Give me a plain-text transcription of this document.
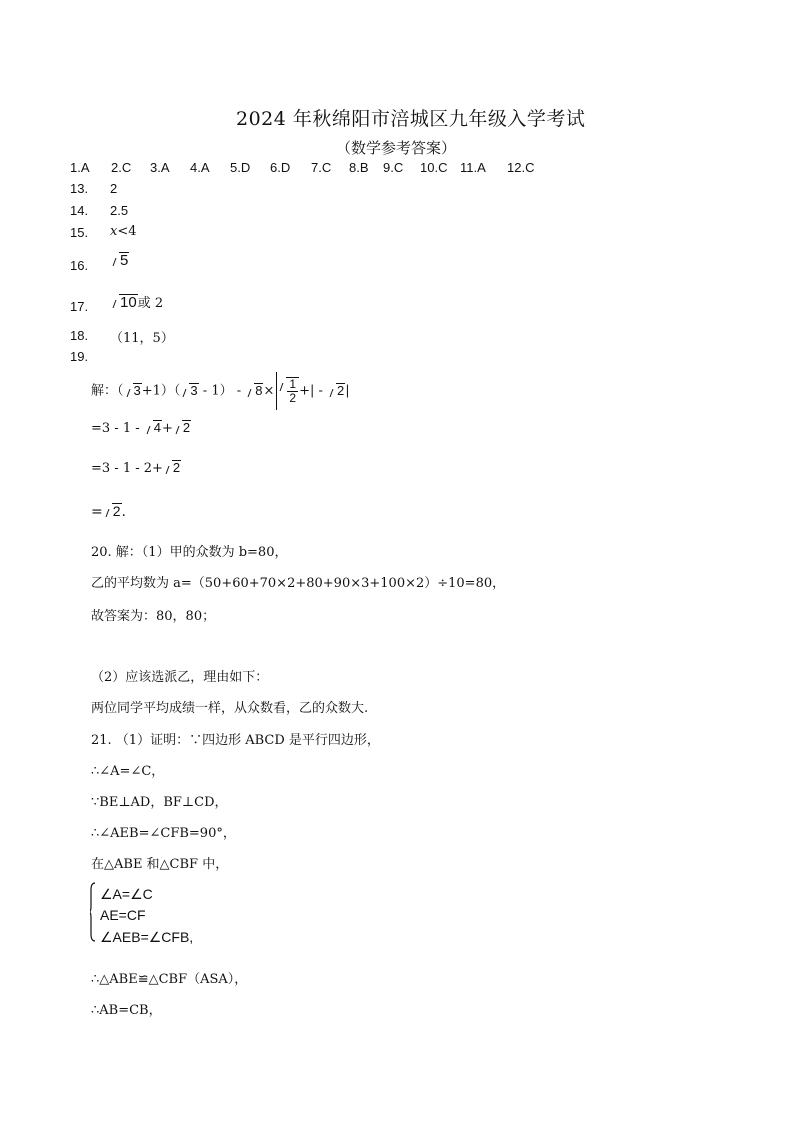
2024 年秋绵阳市涪城区九年级入学考试
（数学参考答案）
1.A 2.C 3.A 4.A 5.D 6.D 7.C 8.B 9.C 10.C 11.A 12.C
13. 2
14. 2.5
15. x<4
16.	5
17.	10或 2
18. （11，5）
19.
解：（ 3+1）（ $3 - 1) - 8\times \frac{1}{2}$ +| - 2|
=3 - 1 - 4+ 2
=3 - 1 - 2+ 2
= 2.
20. 解：（1）甲的众数为 b=80，
乙的平均数为 a=（50+60+70×2+80+90×3+100×2）÷10=80，
故答案为：80，80；
（2）应该选派乙，理由如下：
两位同学平均成绩一样，从众数看，乙的众数大.
21. （1）证明：∵四边形 ABCD 是平行四边形，
∴∠A=∠C，
∵BE⊥AD，BF⊥CD，
∴∠AEB=∠CFB=90°，
在△ABE 和△CBF 中，
∠A=∠C
AE=CF
∠AEB=∠CFB,
∴△ABE≌△CBF（ASA），
∴AB=CB，
